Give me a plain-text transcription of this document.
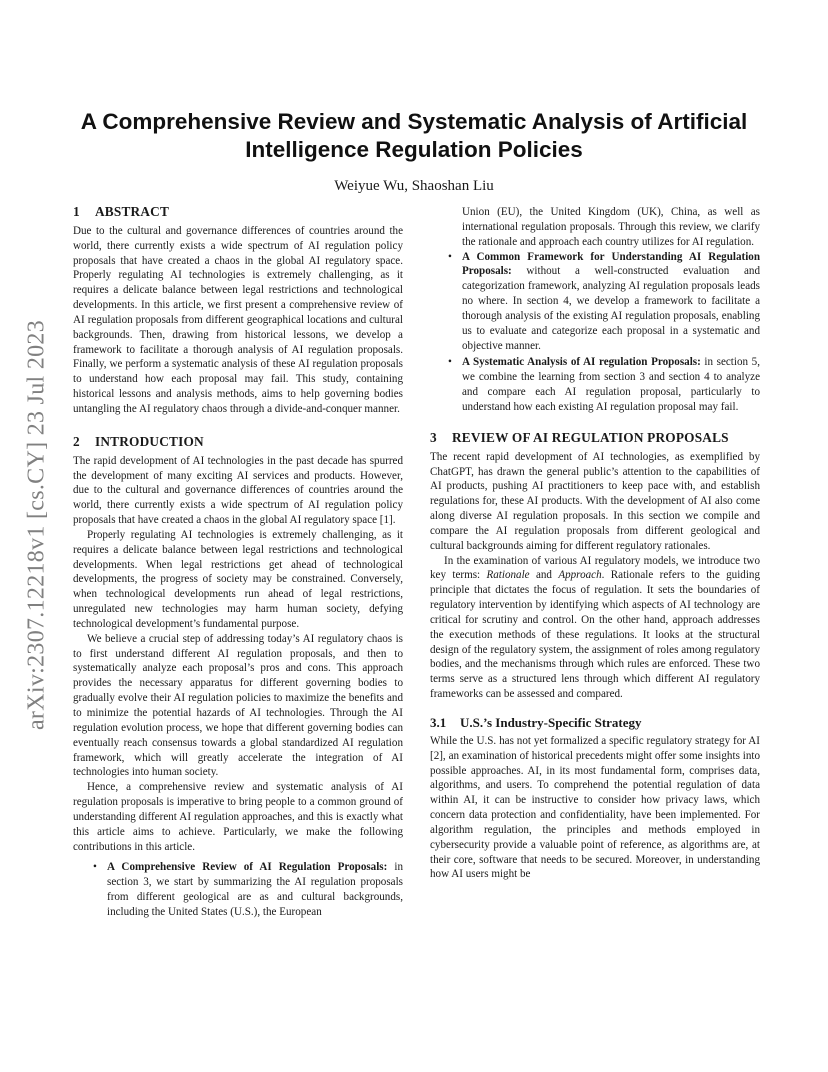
arXiv:2307.12218v1 [cs.CY] 23 Jul 2023
A Comprehensive Review and Systematic Analysis of Artificial Intelligence Regulation Policies

Weiyue Wu, Shaoshan Liu

1 ABSTRACT

Due to the cultural and governance differences of countries around the world, there currently exists a wide spectrum of AI regulation policy proposals that have created a chaos in the global AI regulatory space. Properly regulating AI technologies is extremely challenging, as it requires a delicate balance between legal restrictions and technological developments. In this article, we first present a comprehensive review of AI regulation proposals from different geographical locations and cultural backgrounds. Then, drawing from historical lessons, we develop a framework to facilitate a thorough analysis of AI regulation proposals. Finally, we perform a systematic analysis of these AI regulation proposals to understand how each proposal may fail. This study, containing historical lessons and analysis methods, aims to help governing bodies untangling the AI regulatory chaos through a divide-and-conquer manner.

2 INTRODUCTION

The rapid development of AI technologies in the past decade has spurred the development of many exciting AI services and products. However, due to the cultural and governance differences of countries around the world, there currently exists a wide spectrum of AI regulation policy proposals that have created a chaos in the global AI regulatory space [1].

Properly regulating AI technologies is extremely challenging, as it requires a delicate balance between legal restrictions and technological developments. When legal restrictions get ahead of technological developments, the progress of society may be constrained. Conversely, when technological developments run ahead of legal restrictions, unregulated new technologies may harm human society, defying technological development’s fundamental purpose.

We believe a crucial step of addressing today’s AI regulatory chaos is to first understand different AI regulation proposals, and then to systematically analyze each proposal’s pros and cons. This approach provides the necessary apparatus for different governing bodies to gradually evolve their AI regulation policies to maximize the benefits and to minimize the potential hazards of AI technologies. Through the AI regulation evolution process, we hope that different governing bodies can eventually reach consensus towards a global standardized AI regulation framework, which will greatly accelerate the integration of AI technologies into human society.

Hence, a comprehensive review and systematic analysis of AI regulation proposals is imperative to bring people to a common ground of understanding different AI regulation approaches, and this is exactly what this article aims to achieve. Particularly, we make the following contributions in this article.

• A Comprehensive Review of AI Regulation Proposals: in section 3, we start by summarizing the AI regulation proposals from different geological are as and cultural backgrounds, including the United States (U.S.), the European
Union (EU), the United Kingdom (UK), China, as well as international regulation proposals. Through this review, we clarify the rationale and approach each country utilizes for AI regulation.
• A Common Framework for Understanding AI Regulation Proposals: without a well-constructed evaluation and categorization framework, analyzing AI regulation proposals leads no where. In section 4, we develop a framework to facilitate a thorough analysis of the existing AI regulation proposals, enabling us to evaluate and categorize each proposal in a systematic and objective manner.
• A Systematic Analysis of AI regulation Proposals: in section 5, we combine the learning from section 3 and section 4 to analyze and compare each AI regulation proposal, particularly to understand how each existing AI regulation proposal may fail.
3 REVIEW OF AI REGULATION PROPOSALS

The recent rapid development of AI technologies, as exemplified by ChatGPT, has drawn the general public’s attention to the capabilities of AI products, pushing AI practitioners to keep pace with, and establish regulations for, these AI products. With the development of AI also come along diverse AI regulation proposals. In this section we compile and compare the AI regulation proposals from different geological and cultural backgrounds aiming for different regulatory rationales.

In the examination of various AI regulatory models, we introduce two key terms: Rationale and Approach. Rationale refers to the guiding principle that dictates the focus of regulation. It sets the boundaries of regulatory intervention by identifying which aspects of AI technology are critical for scrutiny and control. On the other hand, approach addresses the execution methods of these regulations. It looks at the structural design of the regulatory system, the assignment of roles among regulatory bodies, and the mechanisms through which rules are enforced. These two terms serve as a structured lens through which different AI regulatory frameworks can be assessed and compared.

3.1 U.S.’s Industry-Specific Strategy

While the U.S. has not yet formalized a specific regulatory strategy for AI [2], an examination of historical precedents might offer some insights into possible approaches. AI, in its most fundamental form, comprises data, algorithms, and users. To comprehend the potential regulation of data within AI, it can be instructive to consider how privacy laws, which concern data protection and confidentiality, have been implemented. For algorithm regulation, the principles and methods employed in cybersecurity provide a valuable point of reference, as algorithms are, at their core, software that needs to be secured. Moreover, in understanding how AI users might be
